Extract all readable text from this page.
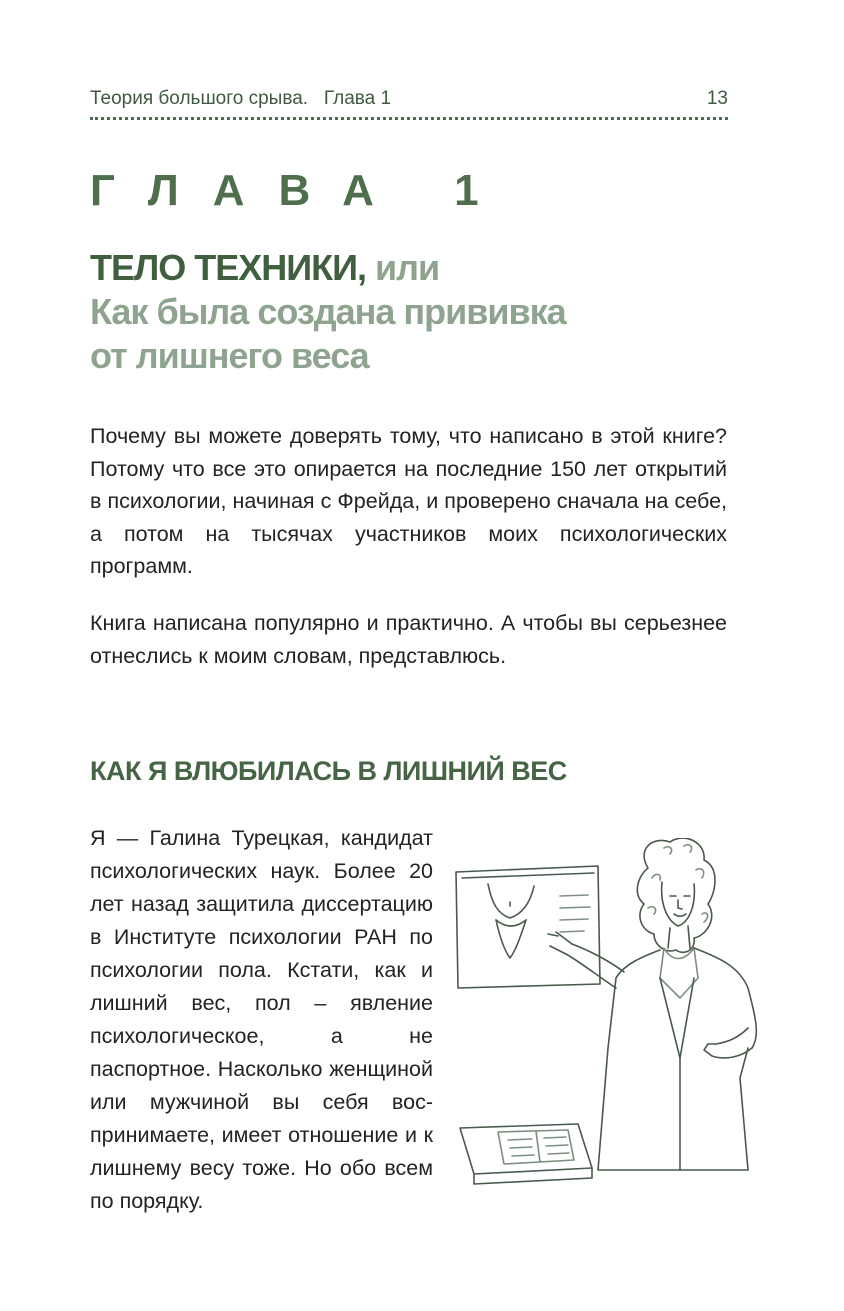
Теория большого срыва.   Глава 1	13
ГЛАВА 1
ТЕЛО ТЕХНИКИ, или
Как была создана прививка
от лишнего веса

Почему вы можете доверять тому, что написано в этой книге? Потому что все это опирается на последние 150 лет открытий в психологии, начиная с Фрейда, и проверено сначала на себе, а потом на тысячах участников моих психологических программ.

Книга написана популярно и практично. А чтобы вы серьезнее отнеслись к моим словам, представлюсь.

КАК Я ВЛЮБИЛАСЬ В ЛИШНИЙ ВЕС

Я — Галина Турецкая, кандидат психологических наук. Более 20 лет назад защитила диссертацию в Институте психологии РАН по психологии пола. Кстати, как и лишний вес, пол – явление психологическое, а не паспортное. Насколько женщиной или мужчиной вы себя воспринимаете, имеет отношение и к лишнему весу тоже. Но обо всем по порядку.
